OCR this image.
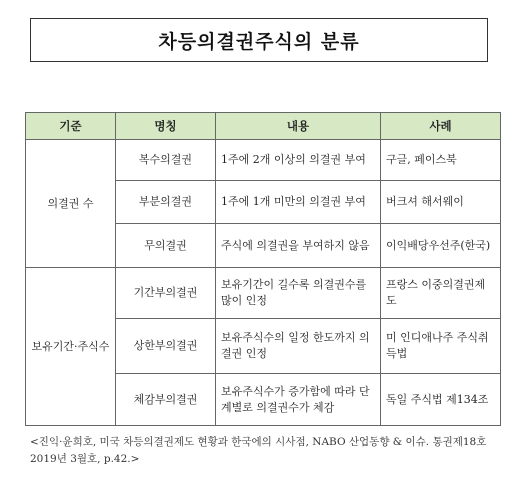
차등의결권주식의 분류
기준	명칭	내용	사례
의결권 수	복수의결권	1주에 2개 이상의 의결권 부여	구글, 페이스북
	부분의결권	1주에 1개 미만의 의결권 부여	버크셔 해서웨이
	무의결권	주식에 의결권을 부여하지 않음	이익배당우선주(한국)
보유기간·주식수	기간부의결권	보유기간이 길수록 의결권수를 많이 인정	프랑스 이중의결권제도
	상한부의결권	보유주식수의 일정 한도까지 의결권 인정	미 인디애나주 주식취득법
	체감부의결권	보유주식수가 증가함에 따라 단계별로 의결권수가 체감	독일 주식법 제134조
<진익·윤희호, 미국 차등의결권제도 현황과 한국에의 시사점, NABO 산업동향 & 이슈. 통권제18호 2019년 3월호, p.42.>
